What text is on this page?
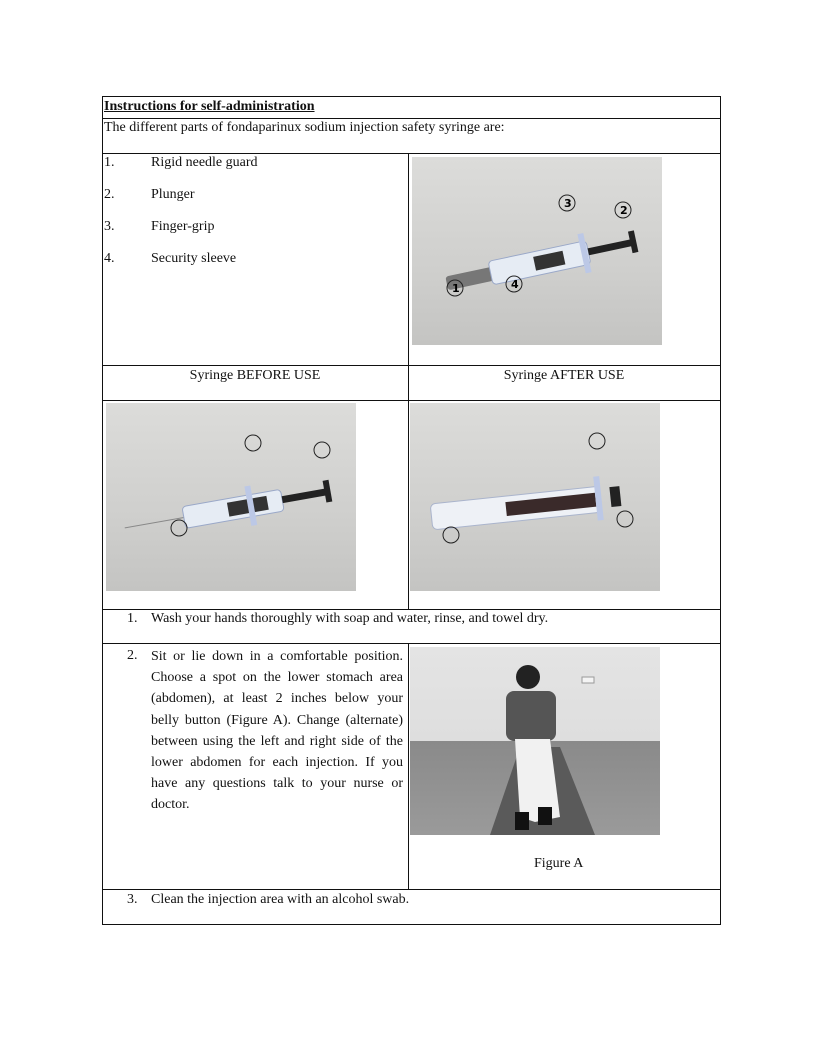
Instructions for self-administration
The different parts of fondaparinux sodium injection safety syringe are:
1.	Rigid needle guard
2.	Plunger
3.	Finger-grip
4.	Security sleeve
1	4
3
2
Syringe BEFORE USE	Syringe AFTER USE
1. Wash your hands thoroughly with soap and water, rinse, and towel dry.
2. Sit or lie down in a comfortable position. Choose a spot on the lower stomach area (abdomen), at least 2 inches below your belly button (Figure A). Change (alternate) between using the left and right side of the lower abdomen for each injection. If you have any questions talk to your nurse or doctor.
Figure A
3. Clean the injection area with an alcohol swab.
